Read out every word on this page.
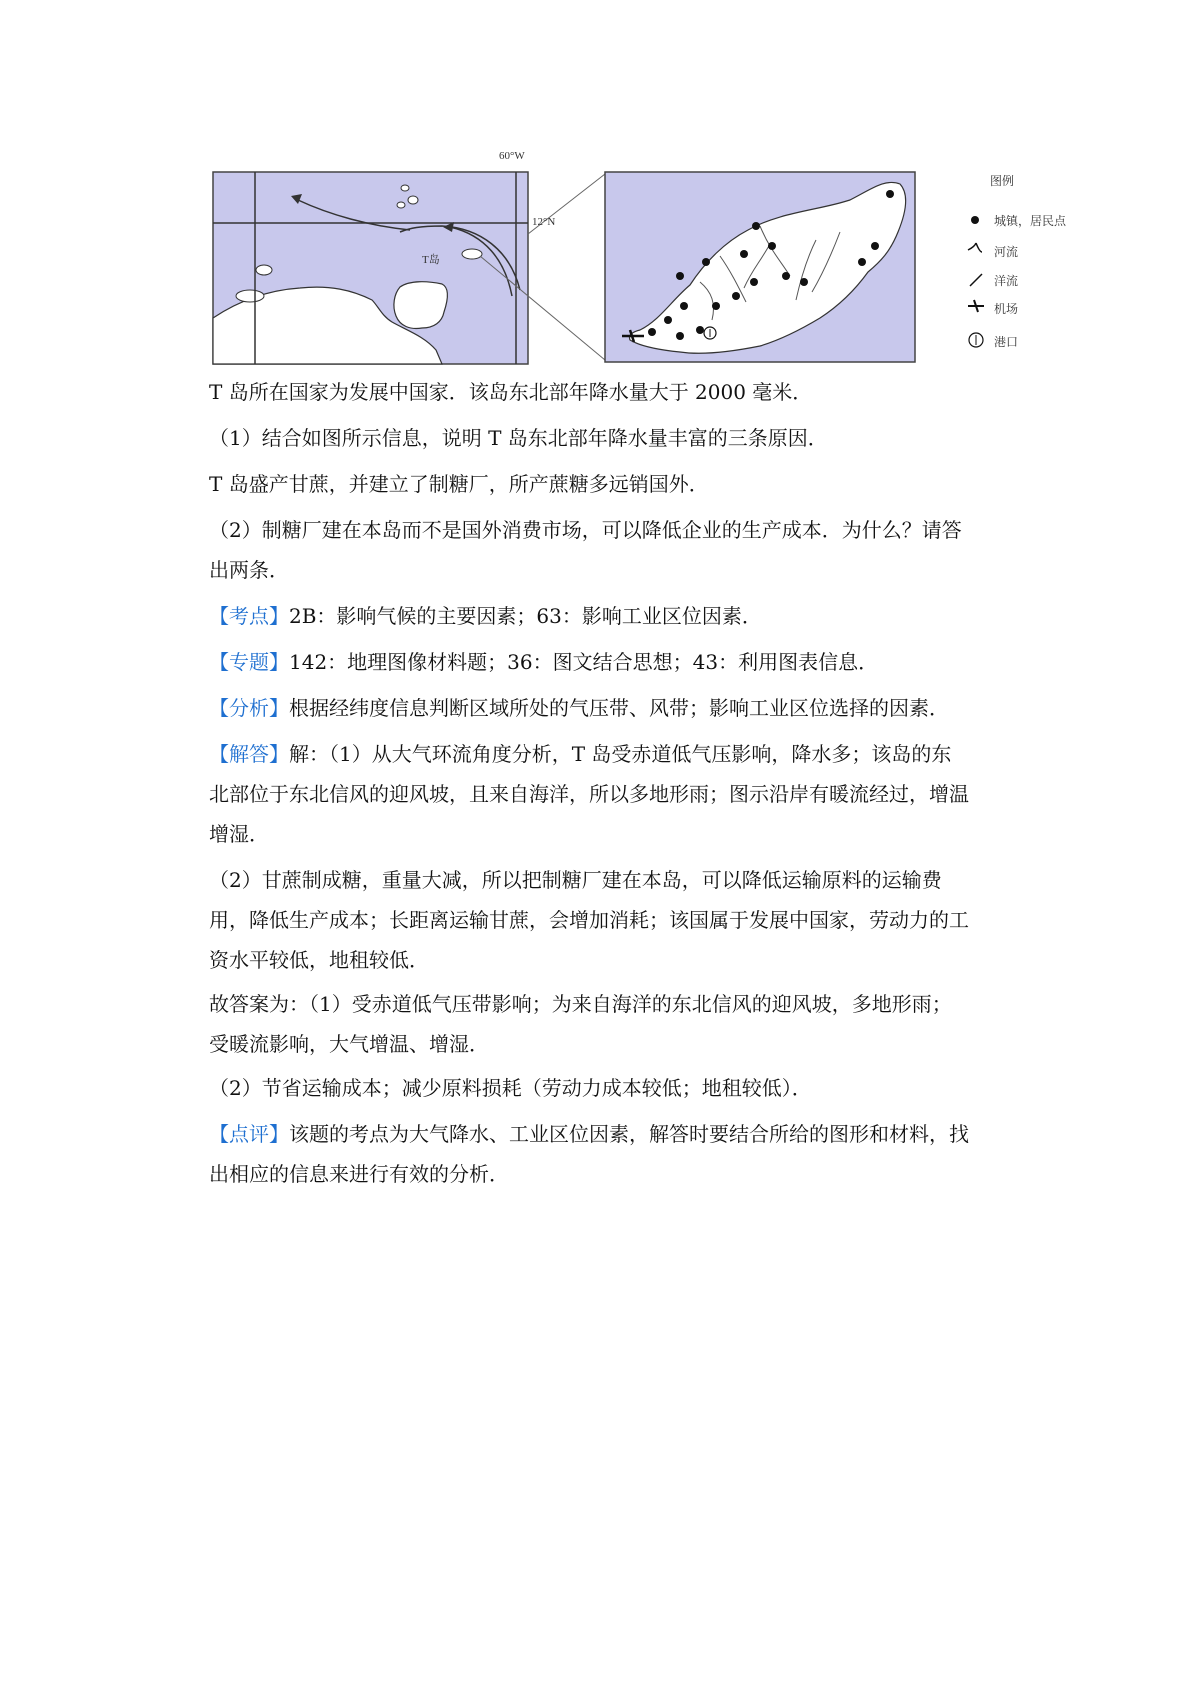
60°W
12°N
T岛
图例
城镇，居民点
河流
洋流
机场
港口
T 岛所在国家为发展中国家．该岛东北部年降水量大于 2000 毫米．
（1）结合如图所示信息，说明 T 岛东北部年降水量丰富的三条原因．
T 岛盛产甘蔗，并建立了制糖厂，所产蔗糖多远销国外．
（2）制糖厂建在本岛而不是国外消费市场，可以降低企业的生产成本．为什么？请答
出两条．
【考点】2B：影响气候的主要因素；63：影响工业区位因素．
【专题】142：地理图像材料题；36：图文结合思想；43：利用图表信息．
【分析】根据经纬度信息判断区域所处的气压带、风带；影响工业区位选择的因素．
【解答】解：（1）从大气环流角度分析，T 岛受赤道低气压影响，降水多；该岛的东
北部位于东北信风的迎风坡，且来自海洋，所以多地形雨；图示沿岸有暖流经过，增温
增湿．
（2）甘蔗制成糖，重量大减，所以把制糖厂建在本岛，可以降低运输原料的运输费
用，降低生产成本；长距离运输甘蔗，会增加消耗；该国属于发展中国家，劳动力的工
资水平较低，地租较低．
故答案为：（1）受赤道低气压带影响；为来自海洋的东北信风的迎风坡，多地形雨；
受暖流影响，大气增温、增湿．
（2）节省运输成本；减少原料损耗（劳动力成本较低；地租较低）．
【点评】该题的考点为大气降水、工业区位因素，解答时要结合所给的图形和材料，找
出相应的信息来进行有效的分析．
